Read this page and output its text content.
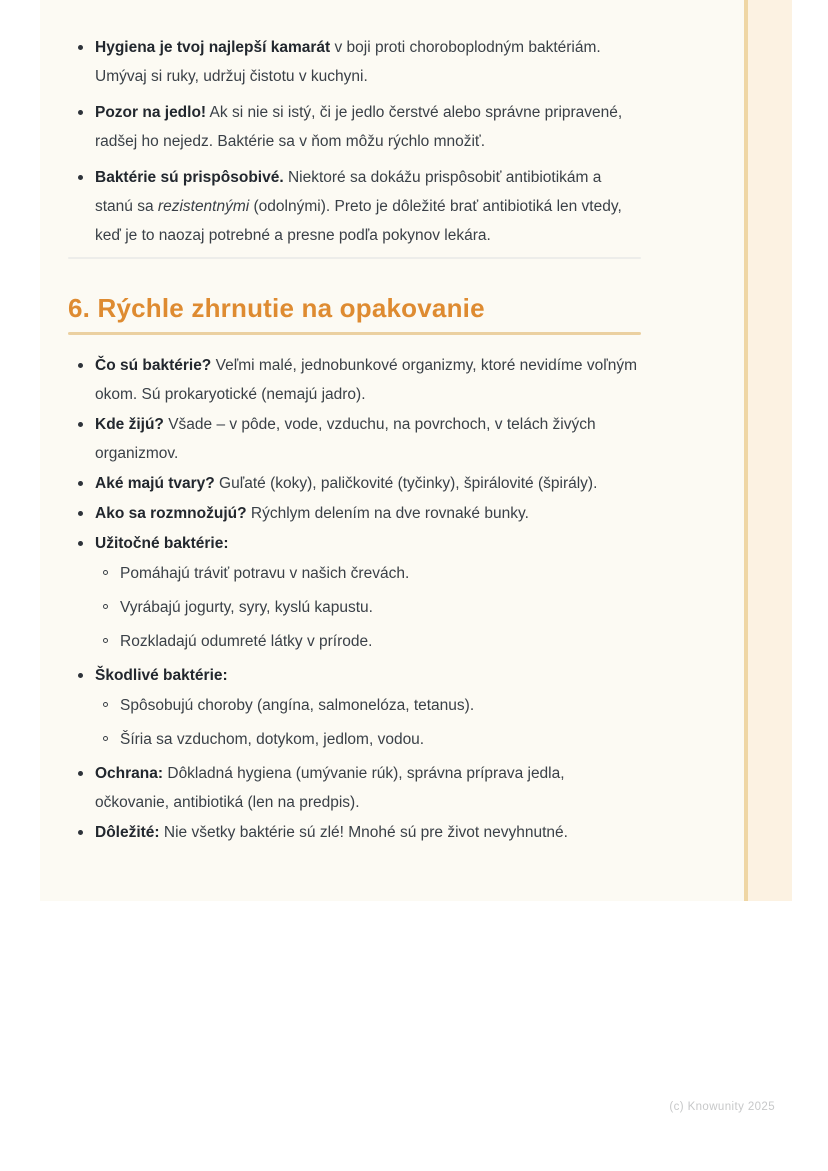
Hygiena je tvoj najlepší kamarát v boji proti choroboplodným baktériám. Umývaj si ruky, udržuj čistotu v kuchyni.
Pozor na jedlo! Ak si nie si istý, či je jedlo čerstvé alebo správne pripravené, radšej ho nejedz. Baktérie sa v ňom môžu rýchlo množiť.
Baktérie sú prispôsobivé. Niektoré sa dokážu prispôsobiť antibiotikám a stanú sa rezistentnými (odolnými). Preto je dôležité brať antibiotiká len vtedy, keď je to naozaj potrebné a presne podľa pokynov lekára.
6. Rýchle zhrnutie na opakovanie
Čo sú baktérie? Veľmi malé, jednobunkové organizmy, ktoré nevidíme voľným okom. Sú prokaryotické (nemajú jadro).
Kde žijú? Všade – v pôde, vode, vzduchu, na povrchoch, v telách živých organizmov.
Aké majú tvary? Guľaté (koky), paličkovité (tyčinky), špirálovité (špirály).
Ako sa rozmnožujú? Rýchlym delením na dve rovnaké bunky.
Užitočné baktérie:
Pomáhajú tráviť potravu v našich črevách.
Vyrábajú jogurty, syry, kyslú kapustu.
Rozkladajú odumreté látky v prírode.
Škodlivé baktérie:
Spôsobujú choroby (angína, salmonelóza, tetanus).
Šíria sa vzduchom, dotykom, jedlom, vodou.
Ochrana: Dôkladná hygiena (umývanie rúk), správna príprava jedla, očkovanie, antibiotiká (len na predpis).
Dôležité: Nie všetky baktérie sú zlé! Mnohé sú pre život nevyhnutné.
(c) Knowunity 2025
